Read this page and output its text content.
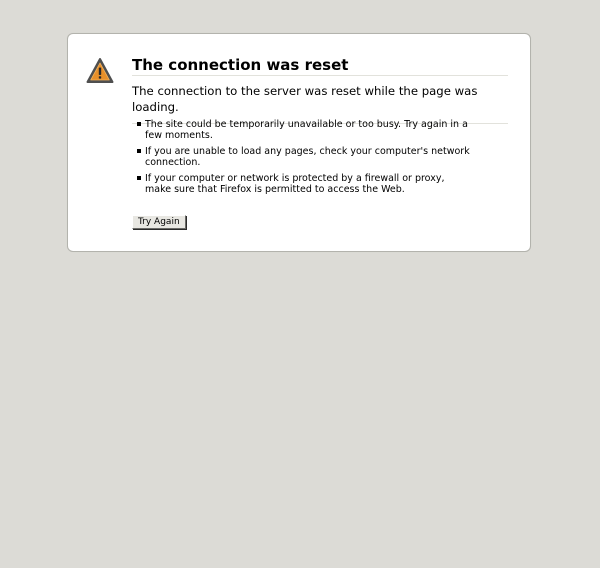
The connection was reset

The connection to the server was reset while the page was loading.

The site could be temporarily unavailable or too busy. Try again in a few moments.
If you are unable to load any pages, check your computer's network connection.
If your computer or network is protected by a firewall or proxy, make sure that Firefox is permitted to access the Web.
Try Again
